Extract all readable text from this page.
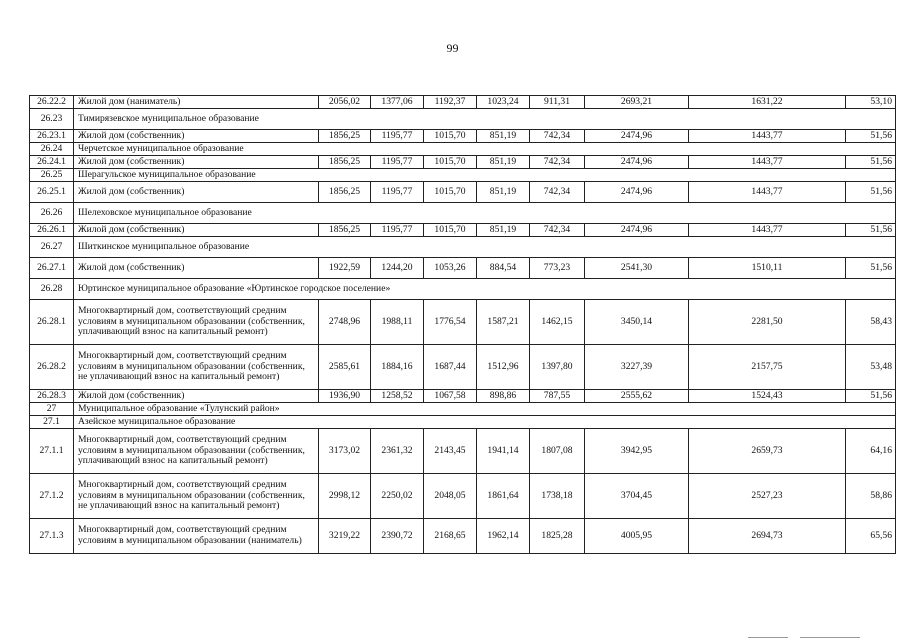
99
26.22.2	Жилой дом (наниматель)	2056,02	1377,06	1192,37	1023,24	911,31	2693,21	1631,22	53,10
26.23	Тимирязевское муниципальное образование								
26.23.1	Жилой дом (собственник)	1856,25	1195,77	1015,70	851,19	742,34	2474,96	1443,77	51,56
26.24	Черчетское муниципальное образование								
26.24.1	Жилой дом (собственник)	1856,25	1195,77	1015,70	851,19	742,34	2474,96	1443,77	51,56
26.25	Шерагульское муниципальное образование								
26.25.1	Жилой дом (собственник)	1856,25	1195,77	1015,70	851,19	742,34	2474,96	1443,77	51,56
26.26	Шелеховское муниципальное образование								
26.26.1	Жилой дом (собственник)	1856,25	1195,77	1015,70	851,19	742,34	2474,96	1443,77	51,56
26.27	Шиткинское муниципальное образование								
26.27.1	Жилой дом (собственник)	1922,59	1244,20	1053,26	884,54	773,23	2541,30	1510,11	51,56
26.28	Юртинское муниципальное образование «Юртинское городское поселение»								
26.28.1	Многоквартирный дом, соответствующий средним условиям в муниципальном образовании (собственник, уплачивающий взнос на капитальный ремонт)	2748,96	1988,11	1776,54	1587,21	1462,15	3450,14	2281,50	58,43
26.28.2	Многоквартирный дом, соответствующий средним условиям в муниципальном образовании (собственник, не уплачивающий взнос на капитальный ремонт)	2585,61	1884,16	1687,44	1512,96	1397,80	3227,39	2157,75	53,48
26.28.3	Жилой дом (собственник)	1936,90	1258,52	1067,58	898,86	787,55	2555,62	1524,43	51,56
27	Муниципальное образование «Тулунский район»								
27.1	Азейское муниципальное образование								
27.1.1	Многоквартирный дом, соответствующий средним условиям в муниципальном образовании (собственник, уплачивающий взнос на капитальный ремонт)	3173,02	2361,32	2143,45	1941,14	1807,08	3942,95	2659,73	64,16
27.1.2	Многоквартирный дом, соответствующий средним условиям в муниципальном образовании (собственник, не уплачивающий взнос на капитальный ремонт)	2998,12	2250,02	2048,05	1861,64	1738,18	3704,45	2527,23	58,86
27.1.3	Многоквартирный дом, соответствующий средним условиям в муниципальном образовании (наниматель)	3219,22	2390,72	2168,65	1962,14	1825,28	4005,95	2694,73	65,56
